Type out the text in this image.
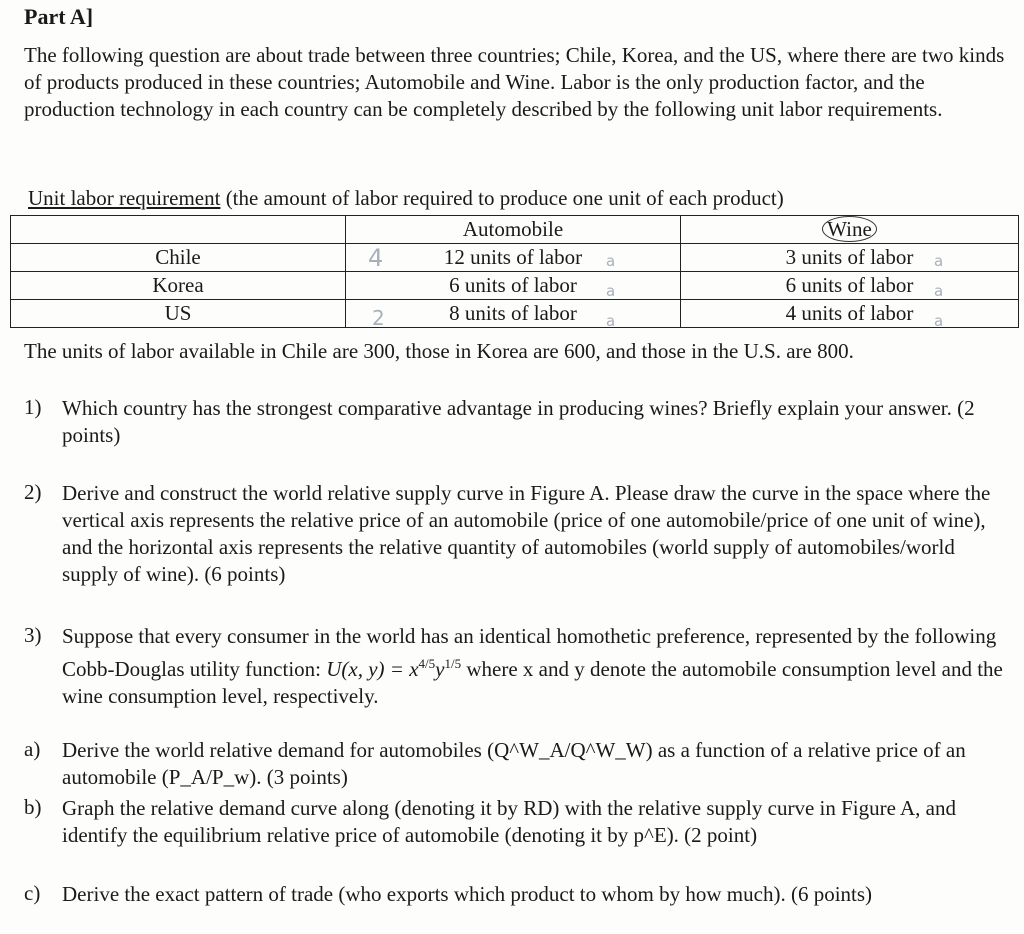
Part A]
The following question are about trade between three countries; Chile, Korea, and the US, where there are two kinds of products produced in these countries; Automobile and Wine. Labor is the only production factor, and the production technology in each country can be completely described by the following unit labor requirements.
Unit labor requirement (the amount of labor required to produce one unit of each product)
	Automobile	Wine
Chile	12 units of labor	3 units of labor
Korea	6 units of labor	6 units of labor
US	8 units of labor	4 units of labor
4
2
a
a
a
a
a
a
The units of labor available in Chile are 300, those in Korea are 600, and those in the U.S. are 800.
1) Which country has the strongest comparative advantage in producing wines? Briefly explain your answer. (2 points)
2) Derive and construct the world relative supply curve in Figure A. Please draw the curve in the space where the vertical axis represents the relative price of an automobile (price of one automobile/price of one unit of wine), and the horizontal axis represents the relative quantity of automobiles (world supply of automobiles/world supply of wine). (6 points)
3) Suppose that every consumer in the world has an identical homothetic preference, represented by the following Cobb-Douglas utility function: U(x, $y) = x^{4/5}y^{1/5}$ where x and y denote the automobile consumption level and the wine consumption level, respectively.
a) Derive the world relative demand for automobiles (Q^W_A/Q^W_W) as a function of a relative price of an automobile (P_A/P_w). (3 points)
b) Graph the relative demand curve along (denoting it by RD) with the relative supply curve in Figure A, and identify the equilibrium relative price of automobile (denoting it by p^E). (2 point)
c) Derive the exact pattern of trade (who exports which product to whom by how much). (6 points)
